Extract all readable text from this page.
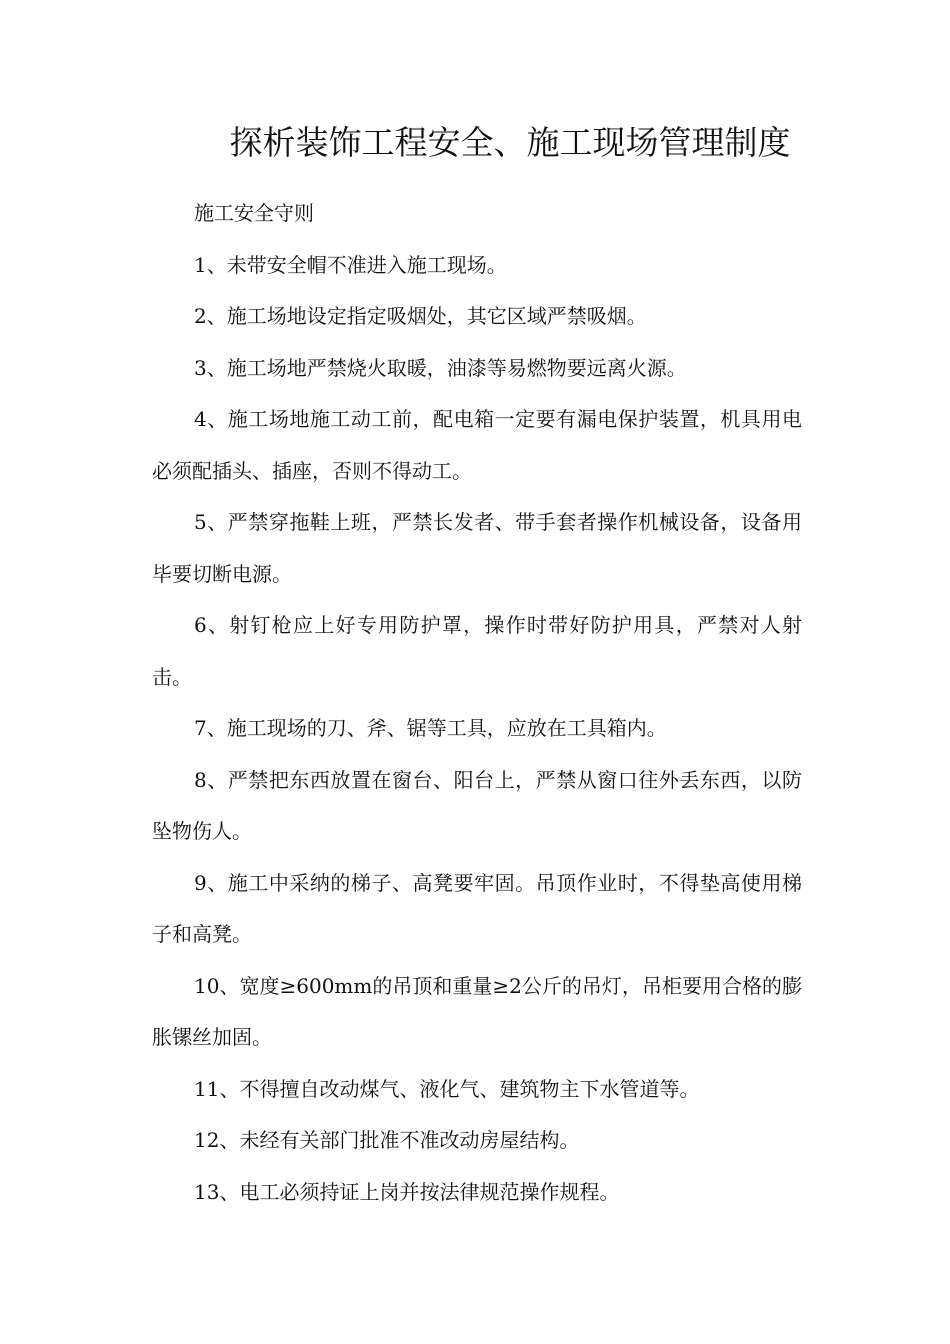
探析装饰工程安全、施工现场管理制度

施工安全守则

1、未带安全帽不准进入施工现场。

2、施工场地设定指定吸烟处，其它区域严禁吸烟。

3、施工场地严禁烧火取暖，油漆等易燃物要远离火源。

4、施工场地施工动工前，配电箱一定要有漏电保护装置，机具用电必须配插头、插座，否则不得动工。

5、严禁穿拖鞋上班，严禁长发者、带手套者操作机械设备，设备用毕要切断电源。

6、射钉枪应上好专用防护罩，操作时带好防护用具，严禁对人射击。

7、施工现场的刀、斧、锯等工具，应放在工具箱内。

8、严禁把东西放置在窗台、阳台上，严禁从窗口往外丢东西，以防坠物伤人。

9、施工中采纳的梯子、高凳要牢固。吊顶作业时，不得垫高使用梯子和高凳。

10、宽度≥600mm的吊顶和重量≥2公斤的吊灯，吊柜要用合格的膨胀镙丝加固。

11、不得擅自改动煤气、液化气、建筑物主下水管道等。

12、未经有关部门批准不准改动房屋结构。

13、电工必须持证上岗并按法律规范操作规程。
